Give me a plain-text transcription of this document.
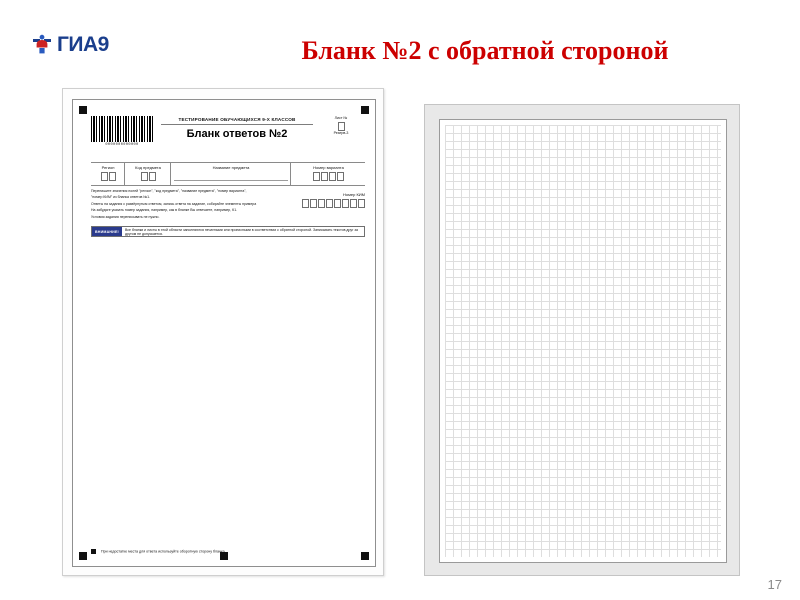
ГИА9	Бланк №2 с обратной стороной
0000000000000
ТЕСТИРОВАНИЕ ОБУЧАЮЩИХСЯ 9-Х КЛАССОВ
Бланк ответов №2
Лист №
Резерв-3
Регион	Код предмета	Название предмета	Номер варианта
Перепишите значения полей "регион", "код предмета", "название предмета", "номер варианта",
"номер КИМ" из бланка ответов №1.
Ответы на задания с развёрнутым ответом, запись ответа на задание, собирайте элементы примера
На забудьте указать номер задания, например, как в бланке Вы отвечаете, например, К1.
Условия задания переписывать не нужно.
Номер КИМ
ВНИМАНИЕ!	Все бланки и листы в этой области заполняются печатными или прописными в соответствии с обратной стороной. Записывать текстов друг за другом не допускается.
При недостатке места для ответа используйте оборотную сторону бланка.
17
